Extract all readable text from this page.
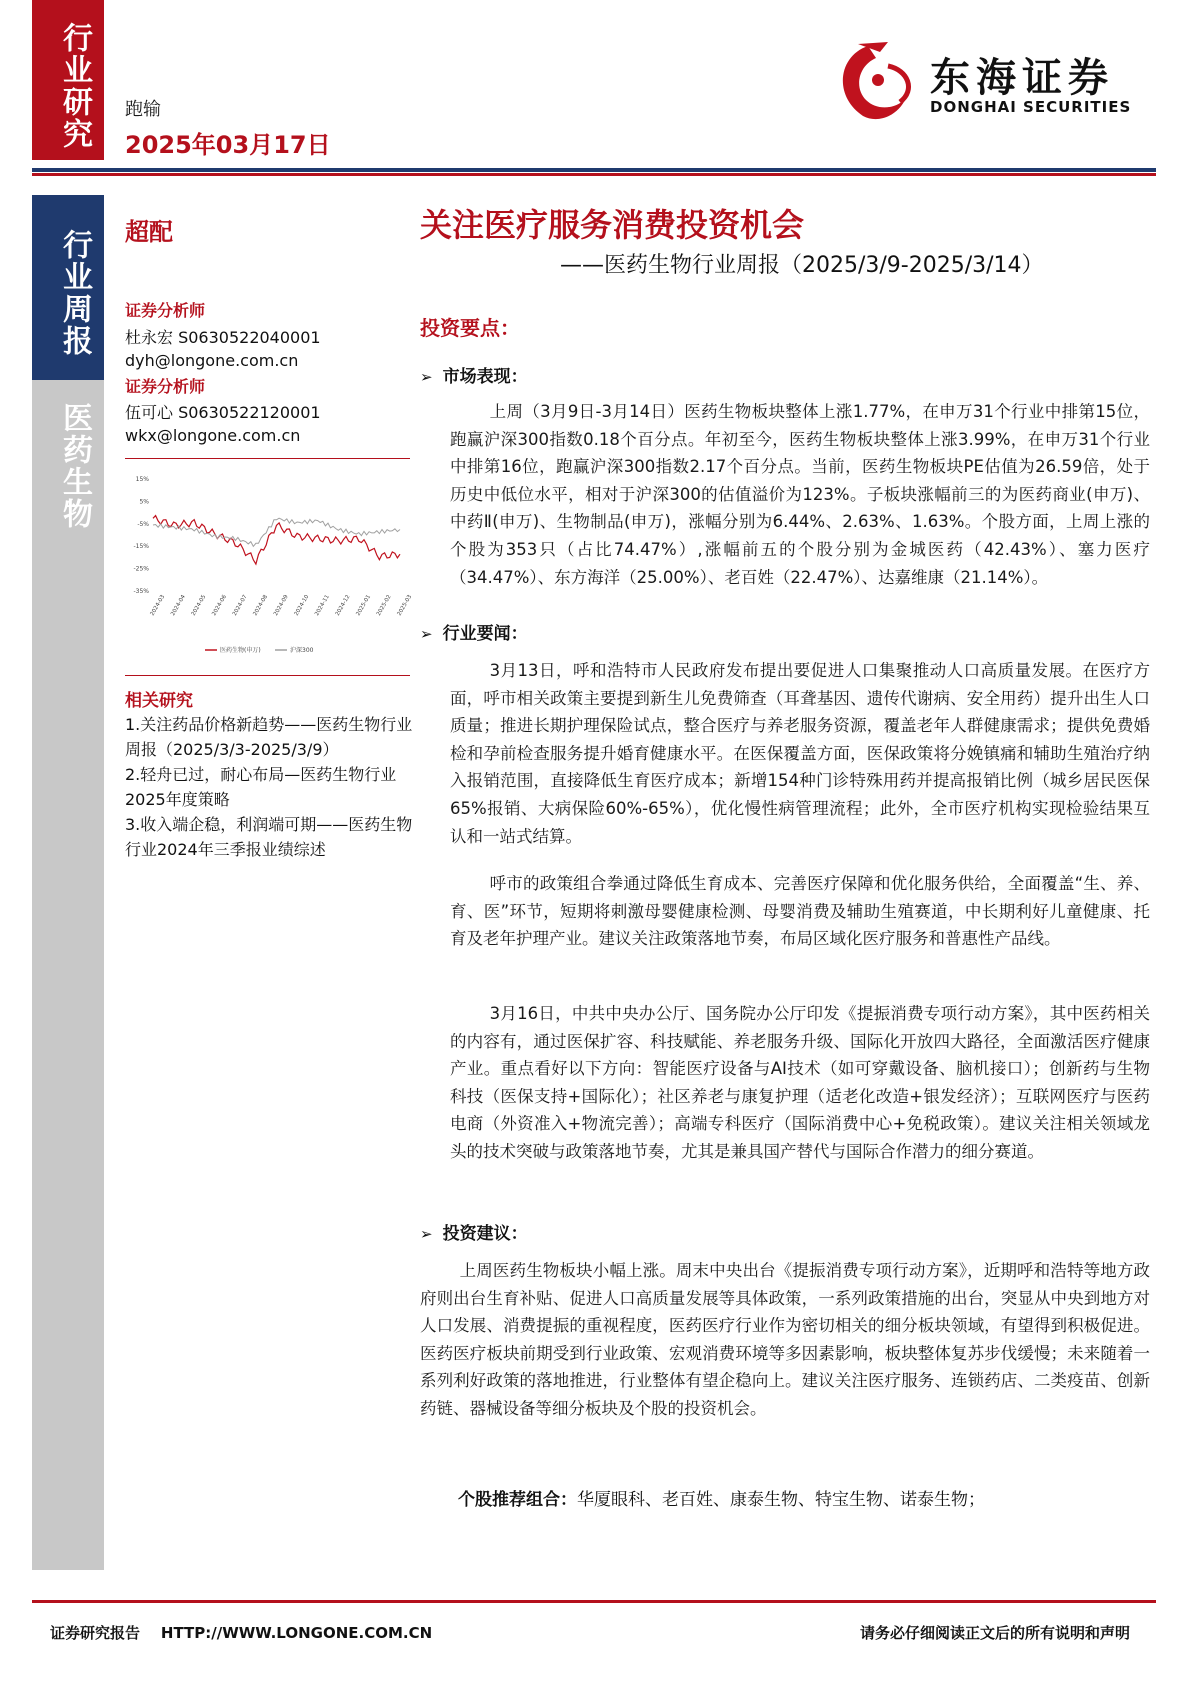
行业研究 跑输
2025年03月17日
东海证券
DONGHAI SECURITIES
行业周报
医药生物
超配
证券分析师
杜永宏 S0630522040001
dyh@longone.com.cn
证券分析师
伍可心 S0630522120001
wkx@longone.com.cn
15%
5%
-5%
-15%
-25%
-35%
2024-03 2024-04 2024-05 2024-06 2024-07 2024-08 2024-09 2024-10 2024-11 2024-12 2025-01 2025-02 2025-03
医药生物(申万)	沪深300
相关研究
1.关注药品价格新趋势——医药生物行业周报（2025/3/3-2025/3/9）
2.轻舟已过，耐心布局—医药生物行业2025年度策略
3.收入端企稳，利润端可期——医药生物行业2024年三季报业绩综述
关注医疗服务消费投资机会
——医药生物行业周报（2025/3/9-2025/3/14）
投资要点：
➢ 市场表现：

上周（3月9日-3月14日）医药生物板块整体上涨1.77%，在申万31个行业中排第15位，跑赢沪深300指数0.18个百分点。年初至今，医药生物板块整体上涨3.99%，在申万31个行业中排第16位，跑赢沪深300指数2.17个百分点。当前，医药生物板块PE估值为26.59倍，处于历史中低位水平，相对于沪深300的估值溢价为123%。子板块涨幅前三的为医药商业(申万)、中药Ⅱ(申万)、生物制品(申万)，涨幅分别为6.44%、2.63%、1.63%。个股方面，上周上涨的个股为353只（占比74.47%）,涨幅前五的个股分别为金城医药（42.43%）、塞力医疗（34.47%）、东方海洋（25.00%）、老百姓（22.47%）、达嘉维康（21.14%）。

➢ 行业要闻：

3月13日，呼和浩特市人民政府发布提出要促进人口集聚推动人口高质量发展。在医疗方面，呼市相关政策主要提到新生儿免费筛查（耳聋基因、遗传代谢病、安全用药）提升出生人口质量；推进长期护理保险试点，整合医疗与养老服务资源，覆盖老年人群健康需求；提供免费婚检和孕前检查服务提升婚育健康水平。在医保覆盖方面，医保政策将分娩镇痛和辅助生殖治疗纳入报销范围，直接降低生育医疗成本；新增154种门诊特殊用药并提高报销比例（城乡居民医保65%报销、大病保险60%-65%），优化慢性病管理流程；此外，全市医疗机构实现检验结果互认和一站式结算。

呼市的政策组合拳通过降低生育成本、完善医疗保障和优化服务供给，全面覆盖“生、养、育、医”环节，短期将刺激母婴健康检测、母婴消费及辅助生殖赛道，中长期利好儿童健康、托育及老年护理产业。建议关注政策落地节奏，布局区域化医疗服务和普惠性产品线。

3月16日，中共中央办公厅、国务院办公厅印发《提振消费专项行动方案》，其中医药相关的内容有，通过医保扩容、科技赋能、养老服务升级、国际化开放四大路径，全面激活医疗健康产业。重点看好以下方向：智能医疗设备与AI技术（如可穿戴设备、脑机接口）；创新药与生物科技（医保支持+国际化）；社区养老与康复护理（适老化改造+银发经济）；互联网医疗与医药电商（外资准入+物流完善）；高端专科医疗（国际消费中心+免税政策）。建议关注相关领域龙头的技术突破与政策落地节奏，尤其是兼具国产替代与国际合作潜力的细分赛道。

➢ 投资建议：

上周医药生物板块小幅上涨。周末中央出台《提振消费专项行动方案》，近期呼和浩特等地方政府则出台生育补贴、促进人口高质量发展等具体政策，一系列政策措施的出台，突显从中央到地方对人口发展、消费提振的重视程度，医药医疗行业作为密切相关的细分板块领域，有望得到积极促进。医药医疗板块前期受到行业政策、宏观消费环境等多因素影响，板块整体复苏步伐缓慢；未来随着一系列利好政策的落地推进，行业整体有望企稳向上。建议关注医疗服务、连锁药店、二类疫苗、创新药链、器械设备等细分板块及个股的投资机会。

个股推荐组合：华厦眼科、老百姓、康泰生物、特宝生物、诺泰生物；
证券研究报告    HTTP://WWW.LONGONE.COM.CN	请务必仔细阅读正文后的所有说明和声明
